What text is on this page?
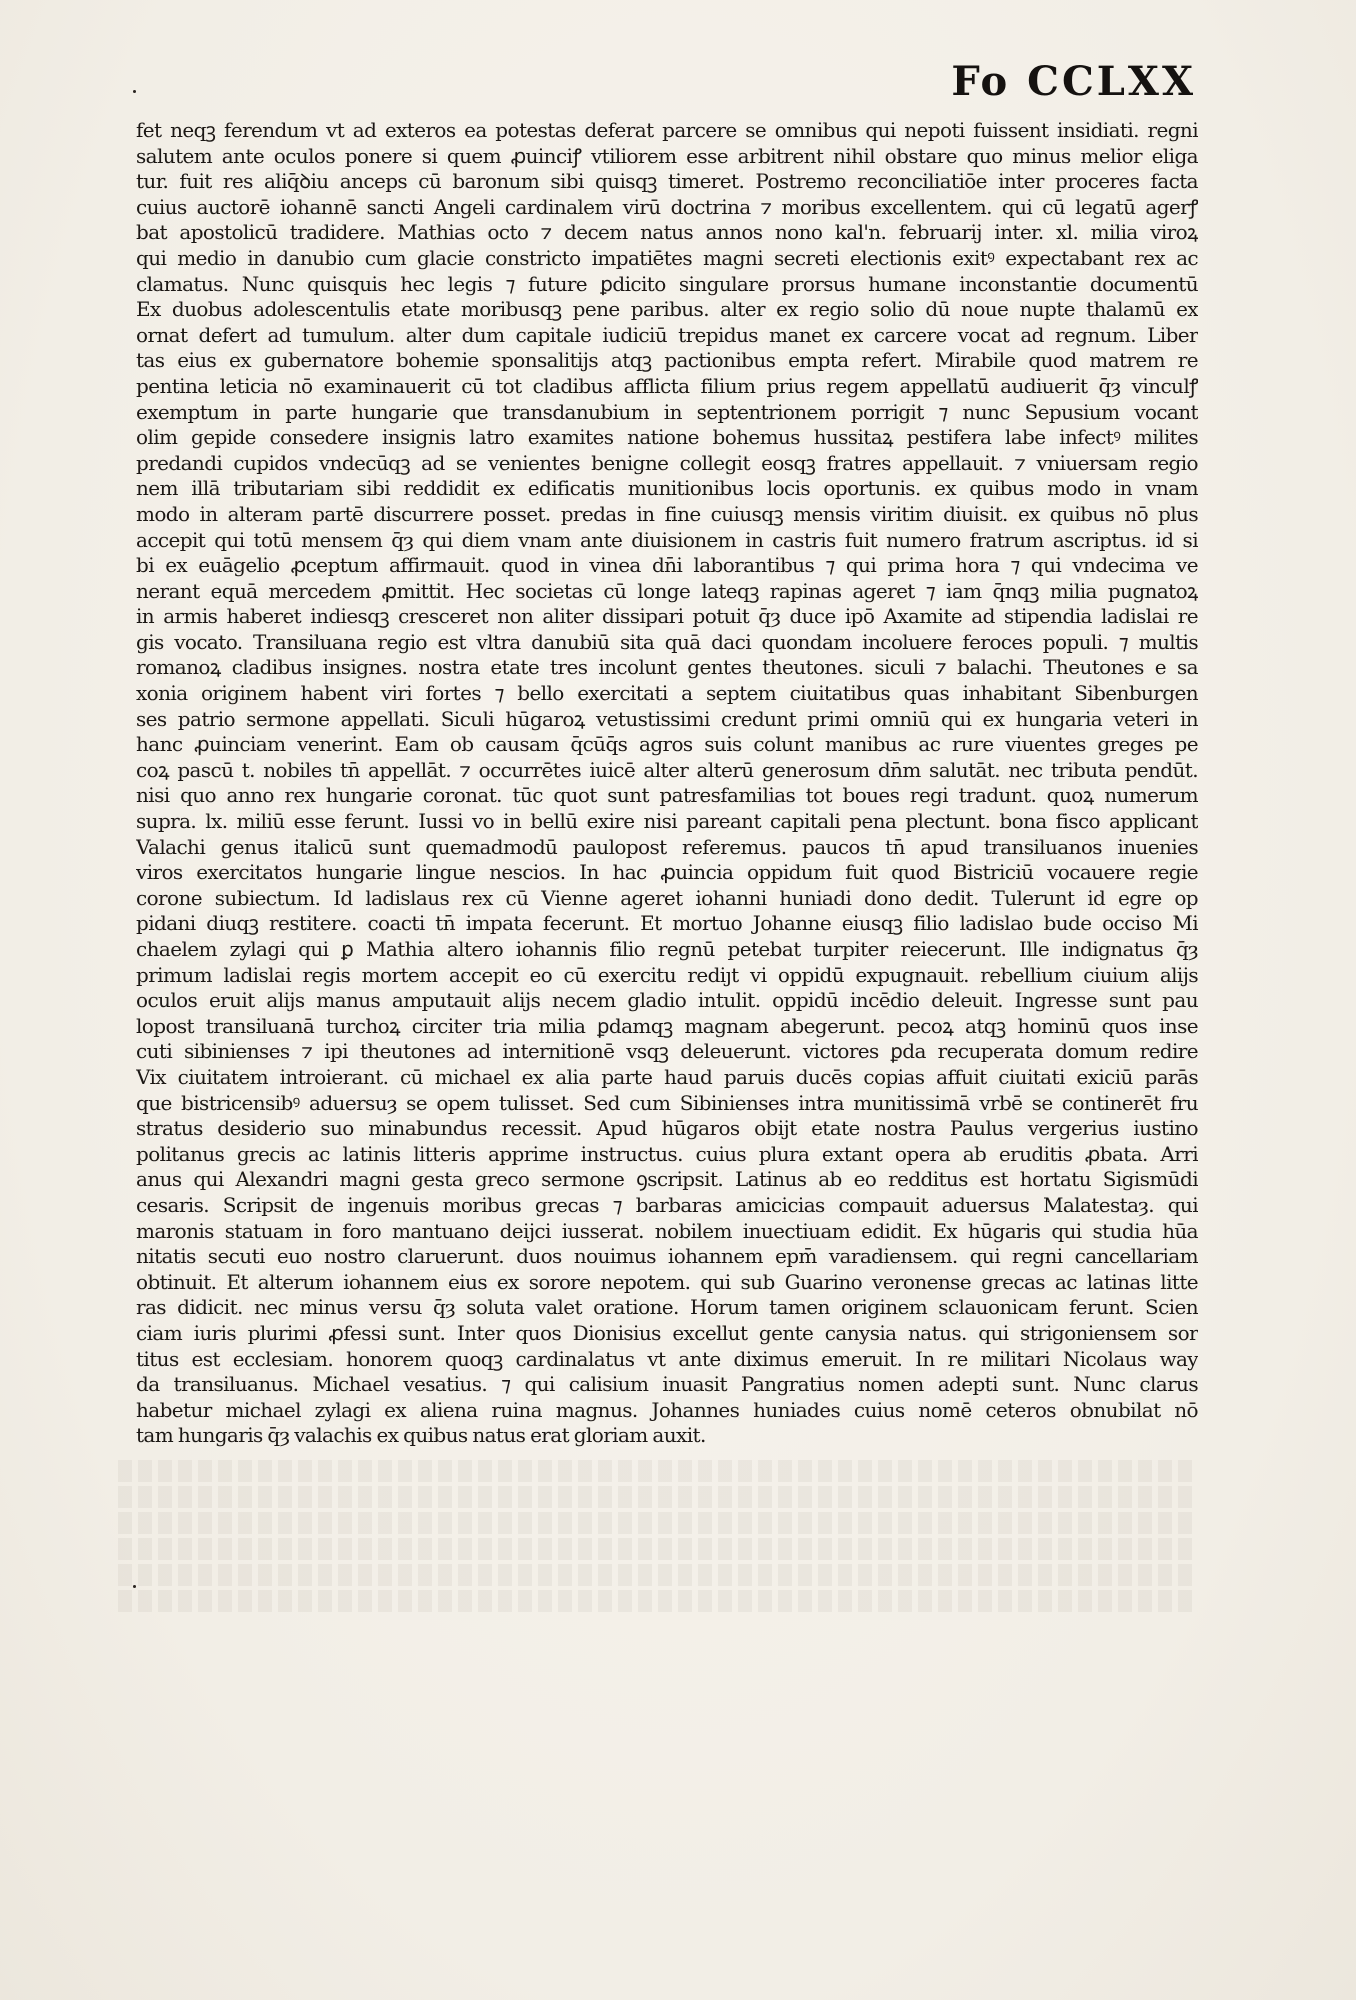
Fo CCLXX
fet neqꝫ ferendum vt ad exteros ea potestas deferat parcere se omnibus qui nepoti fuissent insidiati. regni
salutem ante oculos ponere si quem ꝓuinciꝭ vtiliorem esse arbitrent nihil obstare quo minus melior eliga
tur. fuit res aliq̄ꝺiu anceps cū baronum sibi quisqꝫ timeret. Postremo reconciliatiōe inter proceres facta
cuius auctorē iohannē sancti Angeli cardinalem virū doctrina ⁊ moribus excellentem. qui cū legatū agerꝭ
bat apostolicū tradidere. Mathias octo ⁊ decem natus annos nono kal'n. februarij inter. xl. milia viroꝝ
qui medio in danubio cum glacie constricto impatiētes magni secreti electionis exitꝰ expectabant rex ac
clamatus. Nunc quisquis hec legis ⁊ future ꝑdicito singulare prorsus humane inconstantie documentū
Ex duobus adolescentulis etate moribusqꝫ pene paribus. alter ex regio solio dū noue nupte thalamū ex
ornat defert ad tumulum. alter dum capitale iudiciū trepidus manet ex carcere vocat ad regnum. Liber
tas eius ex gubernatore bohemie sponsalitijs atqꝫ pactionibus empta refert. Mirabile quod matrem re
pentina leticia nō examinauerit cū tot cladibus afflicta filium prius regem appellatū audiuerit q̄ȝ vinculꝭ
exemptum in parte hungarie que transdanubium in septentrionem porrigit ⁊ nunc Sepusium vocant
olim gepide consedere insignis latro examites natione bohemus hussitaꝝ pestifera labe infectꝰ milites
predandi cupidos vndecūqꝫ ad se venientes benigne collegit eosqꝫ fratres appellauit. ⁊ vniuersam regio
nem illā tributariam sibi reddidit ex edificatis munitionibus locis oportunis. ex quibus modo in vnam
modo in alteram partē discurrere posset. predas in fine cuiusqꝫ mensis viritim diuisit. ex quibus nō plus
accepit qui totū mensem q̄ȝ qui diem vnam ante diuisionem in castris fuit numero fratrum ascriptus. id si
bi ex euāgelio ꝓceptum affirmauit. quod in vinea dn̄i laborantibus ⁊ qui prima hora ⁊ qui vndecima ve
nerant equā mercedem ꝓmittit. Hec societas cū longe lateqꝫ rapinas ageret ⁊ iam q̄nqꝫ milia pugnatoꝝ
in armis haberet indiesqꝫ cresceret non aliter dissipari potuit q̄ȝ duce ipō Axamite ad stipendia ladislai re
gis vocato. Transiluana regio est vltra danubiū sita quā daci quondam incoluere feroces populi. ⁊ multis
romanoꝝ cladibus insignes. nostra etate tres incolunt gentes theutones. siculi ⁊ balachi. Theutones e sa
xonia originem habent viri fortes ⁊ bello exercitati a septem ciuitatibus quas inhabitant Sibenburgen
ses patrio sermone appellati. Siculi hūgaroꝝ vetustissimi credunt primi omniū qui ex hungaria veteri in
hanc ꝓuinciam venerint. Eam ob causam q̄cūq̄s agros suis colunt manibus ac rure viuentes greges pe
coꝝ pascū t. nobiles tn̄ appellāt. ⁊ occurrētes iuicē alter alterū generosum dn̄m salutāt. nec tributa pendūt.
nisi quo anno rex hungarie coronat. tūc quot sunt patresfamilias tot boues regi tradunt. quoꝝ numerum
supra. lx. miliū esse ferunt. Iussi vo in bellū exire nisi pareant capitali pena plectunt. bona fisco applicant
Valachi genus italicū sunt quemadmodū paulopost referemus. paucos tn̄ apud transiluanos inuenies
viros exercitatos hungarie lingue nescios. In hac ꝓuincia oppidum fuit quod Bistriciū vocauere regie
corone subiectum. Id ladislaus rex cū Vienne ageret iohanni huniadi dono dedit. Tulerunt id egre op
pidani diuqꝫ restitere. coacti tn̄ impata fecerunt. Et mortuo Johanne eiusqꝫ filio ladislao bude occiso Mi
chaelem zylagi qui ꝑ Mathia altero iohannis filio regnū petebat turpiter reiecerunt. Ille indignatus q̄ȝ
primum ladislai regis mortem accepit eo cū exercitu rediȷt vi oppidū expugnauit. rebellium ciuium alijs
oculos eruit alijs manus amputauit alijs necem gladio intulit. oppidū incēdio deleuit. Ingresse sunt pau
lopost transiluanā turchoꝝ circiter tria milia ꝑdamqꝫ magnam abegerunt. pecoꝝ atqꝫ hominū quos inse
cuti sibinienses ⁊ ipi theutones ad internitionē vsqꝫ deleuerunt. victores ꝑda recuperata domum redire
Vix ciuitatem introierant. cū michael ex alia parte haud paruis ducēs copias affuit ciuitati exiciū parās
que bistricensibꝰ aduersuȝ se opem tulisset. Sed cum Sibinienses intra munitissimā vrbē se continerēt fru
stratus desiderio suo minabundus recessit. Apud hūgaros obijt etate nostra Paulus vergerius iustino
politanus grecis ac latinis litteris apprime instructus. cuius plura extant opera ab eruditis ꝓbata. Arri
anus qui Alexandri magni gesta greco sermone ꝯscripsit. Latinus ab eo redditus est hortatu Sigismūdi
cesaris. Scripsit de ingenuis moribus grecas ⁊ barbaras amicicias compauit aduersus Malatestaȝ. qui
maronis statuam in foro mantuano deijci iusserat. nobilem inuectiuam edidit. Ex hūgaris qui studia hūa
nitatis secuti euo nostro claruerunt. duos nouimus iohannem epm̄ varadiensem. qui regni cancellariam
obtinuit. Et alterum iohannem eius ex sorore nepotem. qui sub Guarino veronense grecas ac latinas litte
ras didicit. nec minus versu q̄ȝ soluta valet oratione. Horum tamen originem sclauonicam ferunt. Scien
ciam iuris plurimi ꝓfessi sunt. Inter quos Dionisius excellut gente canysia natus. qui strigoniensem sor
titus est ecclesiam. honorem quoqꝫ cardinalatus vt ante diximus emeruit. In re militari Nicolaus way
da transiluanus. Michael vesatius. ⁊ qui calisium inuasit Pangratius nomen adepti sunt. Nunc clarus
habetur michael zylagi ex aliena ruina magnus. Johannes huniades cuius nomē ceteros obnubilat nō
tam hungaris q̄ȝ valachis ex quibus natus erat gloriam auxit.
